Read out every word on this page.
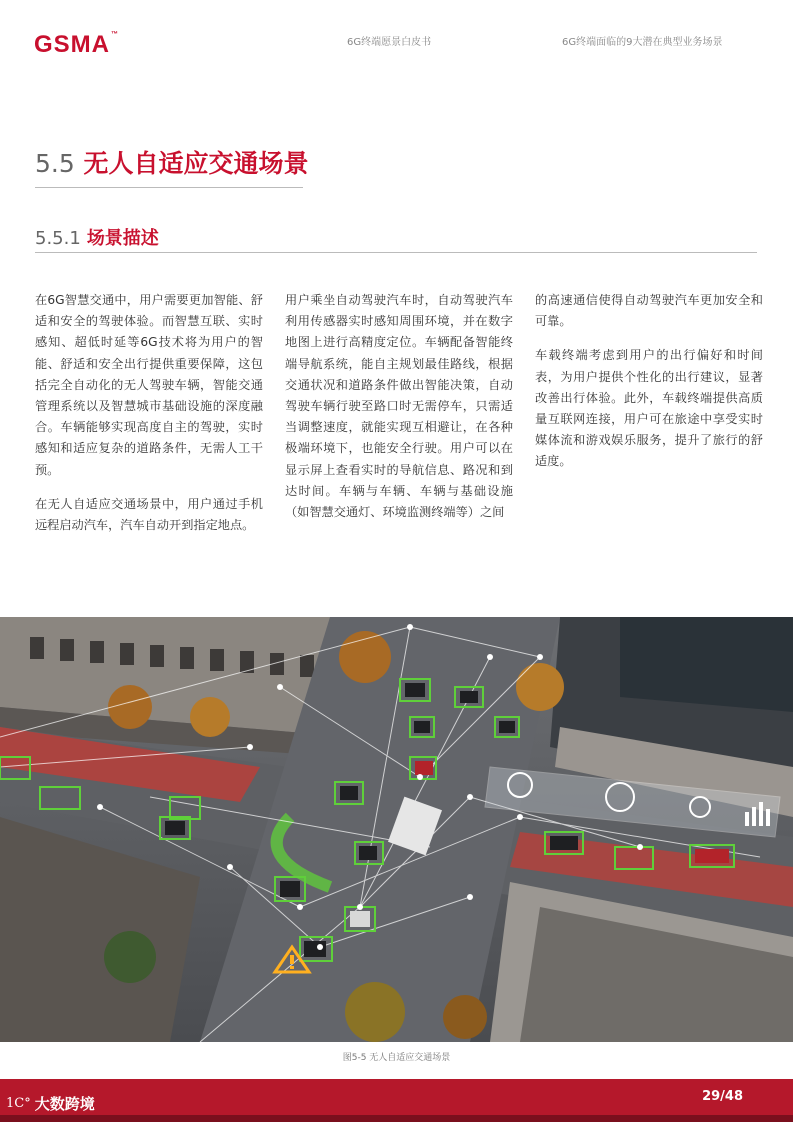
GSMA™
6G终端愿景白皮书	6G终端面临的9大潜在典型业务场景
5.5 无人自适应交通场景
5.5.1 场景描述

在6G智慧交通中，用户需要更加智能、舒适和安全的驾驶体验。而智慧互联、实时感知、超低时延等6G技术将为用户的智能、舒适和安全出行提供重要保障，这包括完全自动化的无人驾驶车辆，智能交通管理系统以及智慧城市基础设施的深度融合。车辆能够实现高度自主的驾驶，实时感知和适应复杂的道路条件，无需人工干预。

在无人自适应交通场景中，用户通过手机远程启动汽车，汽车自动开到指定地点。

用户乘坐自动驾驶汽车时，自动驾驶汽车利用传感器实时感知周围环境，并在数字地图上进行高精度定位。车辆配备智能终端导航系统，能自主规划最佳路线，根据交通状况和道路条件做出智能决策，自动驾驶车辆行驶至路口时无需停车，只需适当调整速度，就能实现互相避让，在各种极端环境下，也能安全行驶。用户可以在显示屏上查看实时的导航信息、路况和到达时间。车辆与车辆、车辆与基础设施（如智慧交通灯、环境监测终端等）之间

的高速通信使得自动驾驶汽车更加安全和可靠。

车载终端考虑到用户的出行偏好和时间表，为用户提供个性化的出行建议，显著改善出行体验。此外，车载终端提供高质量互联网连接，用户可在旅途中享受实时媒体流和游戏娱乐服务，提升了旅行的舒适度。

图5-5 无人自适应交通场景
29/48
1C° 大数跨境
